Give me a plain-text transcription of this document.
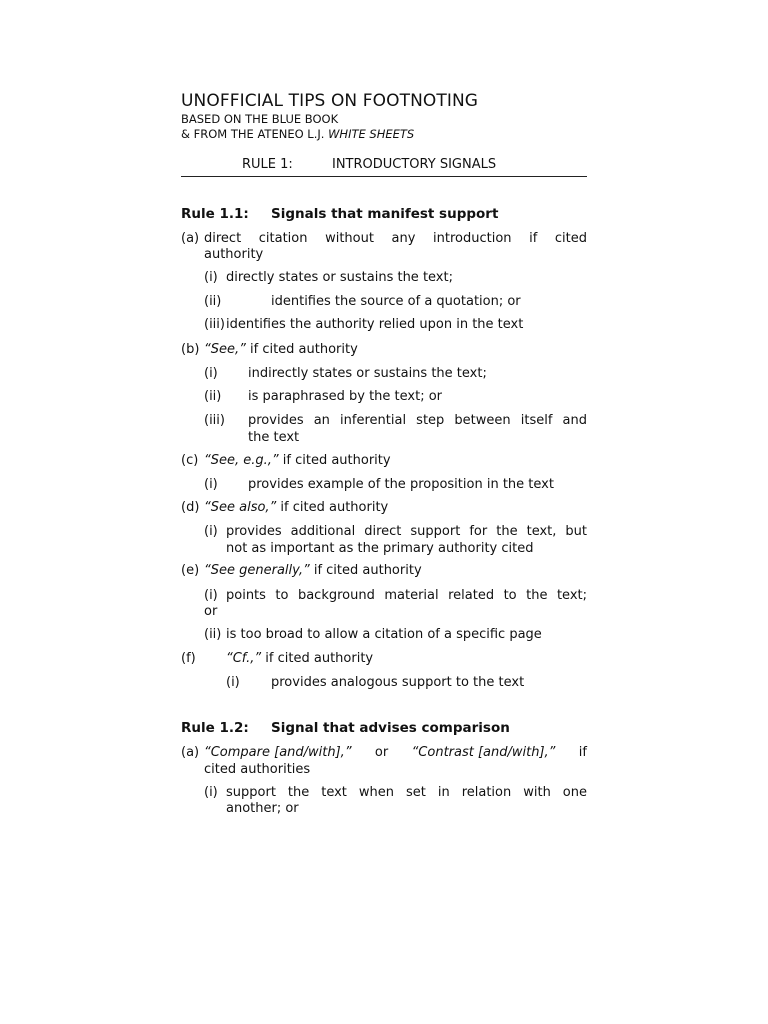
UNOFFICIAL TIPS ON FOOTNOTING
BASED ON THE BLUE BOOK
& FROM THE ATENEO L.J. WHITE SHEETS
RULE 1:	INTRODUCTORY SIGNALS
Rule 1.1: Signals that manifest support
(a) direct citation without any introduction if cited
authority
(i) directly states or sustains the text;
(ii)	identifies the source of a quotation; or
(iii) identifies the authority relied upon in the text
(b) “See,” if cited authority
(i) indirectly states or sustains the text;
(ii) is paraphrased by the text; or
(iii) provides an inferential step between itself and
the text
(c) “See, e.g.,” if cited authority
(i) provides example of the proposition in the text
(d) “See also,” if cited authority
(i) provides additional direct support for the text, but
not as important as the primary authority cited
(e) “See generally,” if cited authority
(i) points to background material related to the text;
or
(ii) is too broad to allow a citation of a specific page
(f) “Cf.,” if cited authority
(i) provides analogous support to the text
Rule 1.2: Signal that advises comparison
(a) “Compare [and/with],” or “Contrast [and/with],” if
cited authorities
(i) support the text when set in relation with one
another; or
